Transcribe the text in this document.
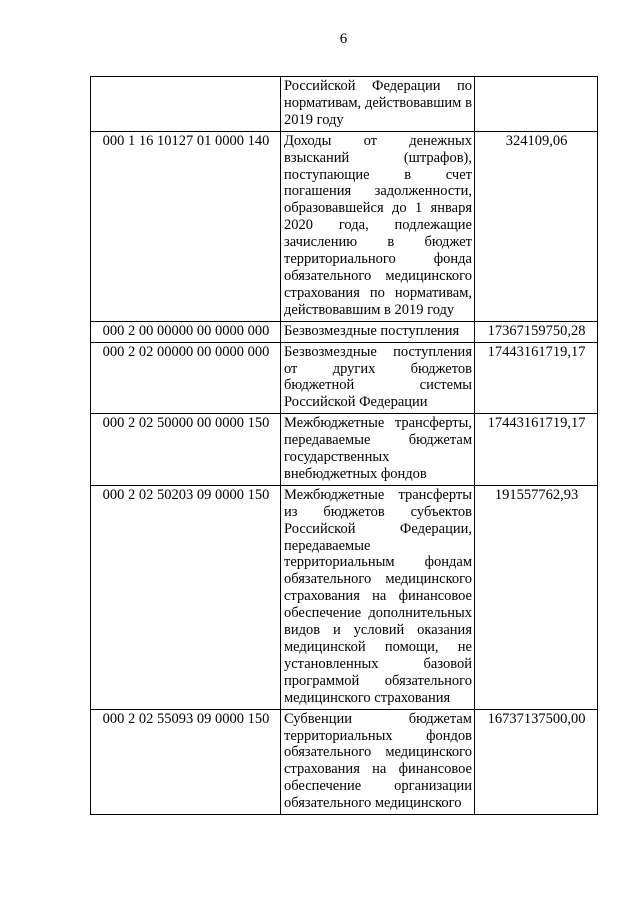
6

	Российской Федерации по нормативам, действовавшим в 2019 году	

000 1 16 10127 01 0000 140	Доходы от денежных взысканий (штрафов), поступающие в счет погашения задолженности, образовавшейся до 1 января 2020 года, подлежащие зачислению в бюджет территориального фонда обязательного медицинского страхования по нормативам, действовавшим в 2019 году	324109,06
000 2 00 00000 00 0000 000	Безвозмездные поступления	17367159750,28
000 2 02 00000 00 0000 000	Безвозмездные поступления от других бюджетов бюджетной системы Российской Федерации	17443161719,17
000 2 02 50000 00 0000 150	Межбюджетные трансферты, передаваемые бюджетам государственных внебюджетных фондов	17443161719,17
000 2 02 50203 09 0000 150	Межбюджетные трансферты из бюджетов субъектов Российской Федерации, передаваемые территориальным фондам обязательного медицинского страхования на финансовое обеспечение дополнительных видов и условий оказания медицинской помощи, не установленных базовой программой обязательного медицинского страхования	191557762,93
000 2 02 55093 09 0000 150	Субвенции бюджетам территориальных фондов обязательного медицинского страхования на финансовое обеспечение организации обязательного медицинского	16737137500,00
